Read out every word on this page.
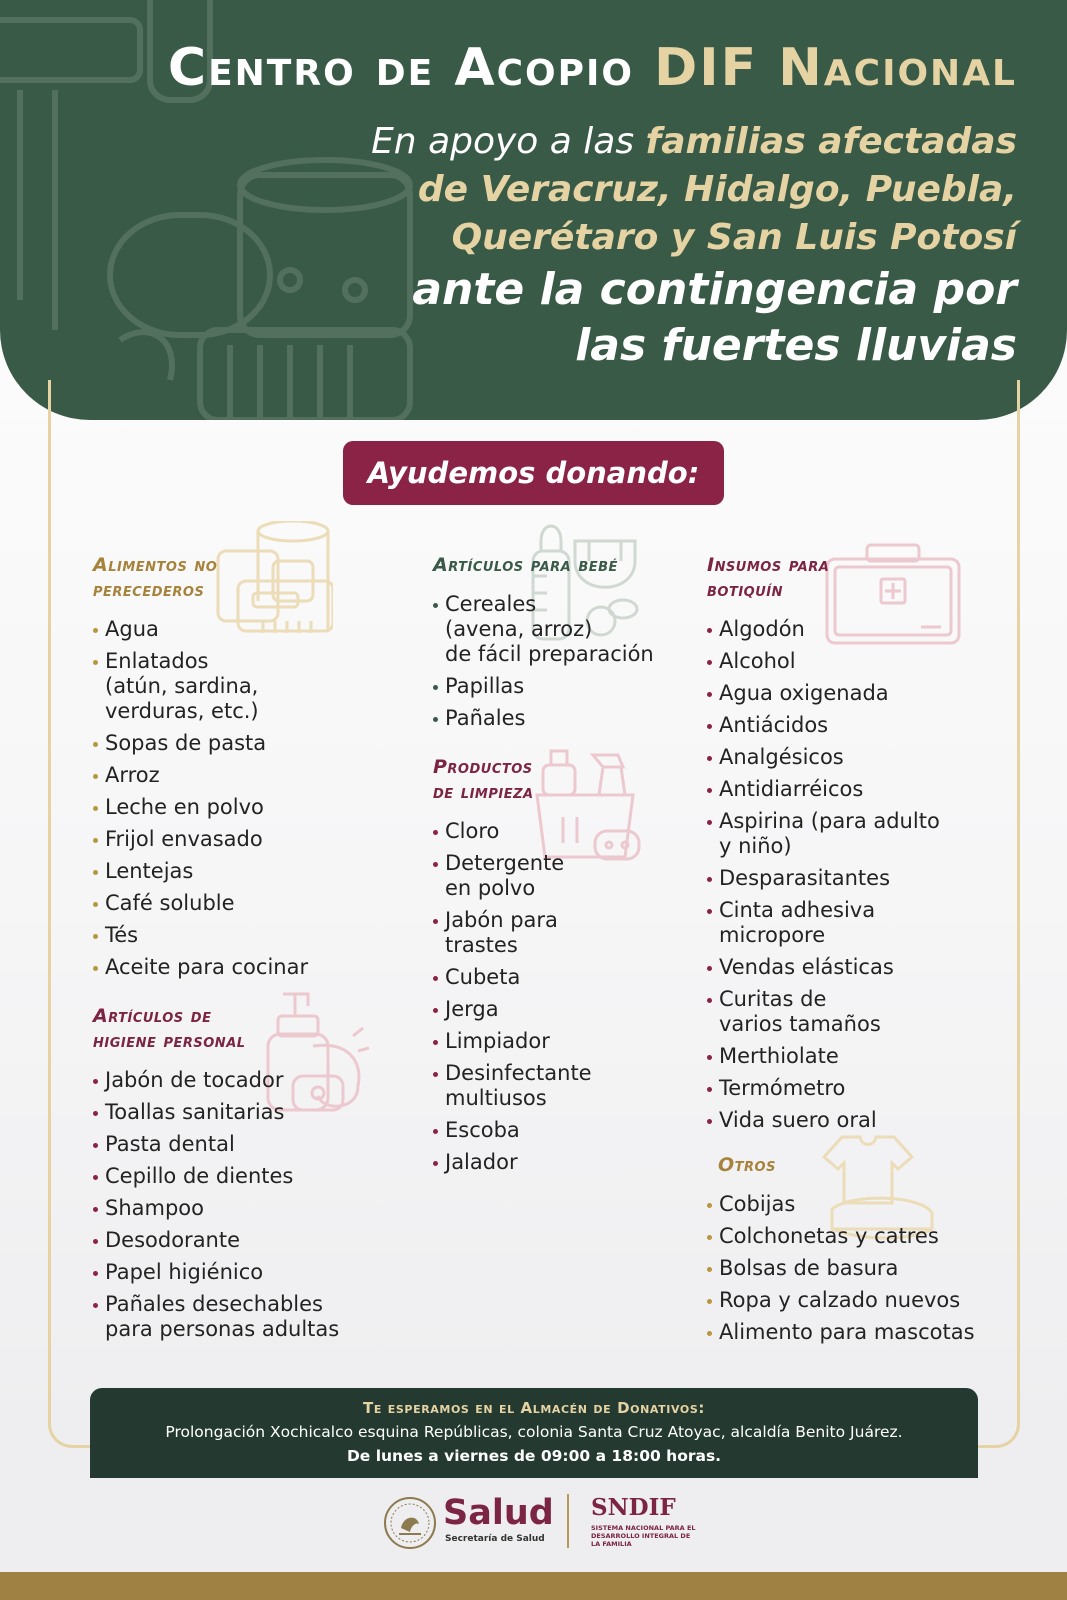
Centro de Acopio DIF Nacional
En apoyo a las familias afectadas
de Veracruz, Hidalgo, Puebla,
Querétaro y San Luis Potosí
ante la contingencia por
las fuertes lluvias
Ayudemos donando:
Alimentos no
perecederos
Agua
Enlatados
(atún, sardina,
verduras, etc.)
Sopas de pasta
Arroz
Leche en polvo
Frijol envasado
Lentejas
Café soluble
Tés
Aceite para cocinar
Artículos de
higiene personal
Jabón de tocador
Toallas sanitarias
Pasta dental
Cepillo de dientes
Shampoo
Desodorante
Papel higiénico
Pañales desechables
para personas adultas
Artículos para bebé
Cereales
(avena, arroz)
de fácil preparación
Papillas
Pañales
Productos
de limpieza
Cloro
Detergente
en polvo
Jabón para
trastes
Cubeta
Jerga
Limpiador
Desinfectante
multiusos
Escoba
Jalador
Insumos para
botiquín
Algodón
Alcohol
Agua oxigenada
Antiácidos
Analgésicos
Antidiarréicos
Aspirina (para adulto
y niño)
Desparasitantes
Cinta adhesiva
micropore
Vendas elásticas
Curitas de
varios tamaños
Merthiolate
Termómetro
Vida suero oral
Otros
Cobijas
Colchonetas y catres
Bolsas de basura
Ropa y calzado nuevos
Alimento para mascotas
Te esperamos en el Almacén de Donativos:
Prolongación Xochicalco esquina Repúblicas, colonia Santa Cruz Atoyac, alcaldía Benito Juárez.
De lunes a viernes de 09:00 a 18:00 horas.
Salud
Secretaría de Salud
SNDIF
SISTEMA NACIONAL PARA EL DESARROLLO INTEGRAL DE LA FAMILIA
